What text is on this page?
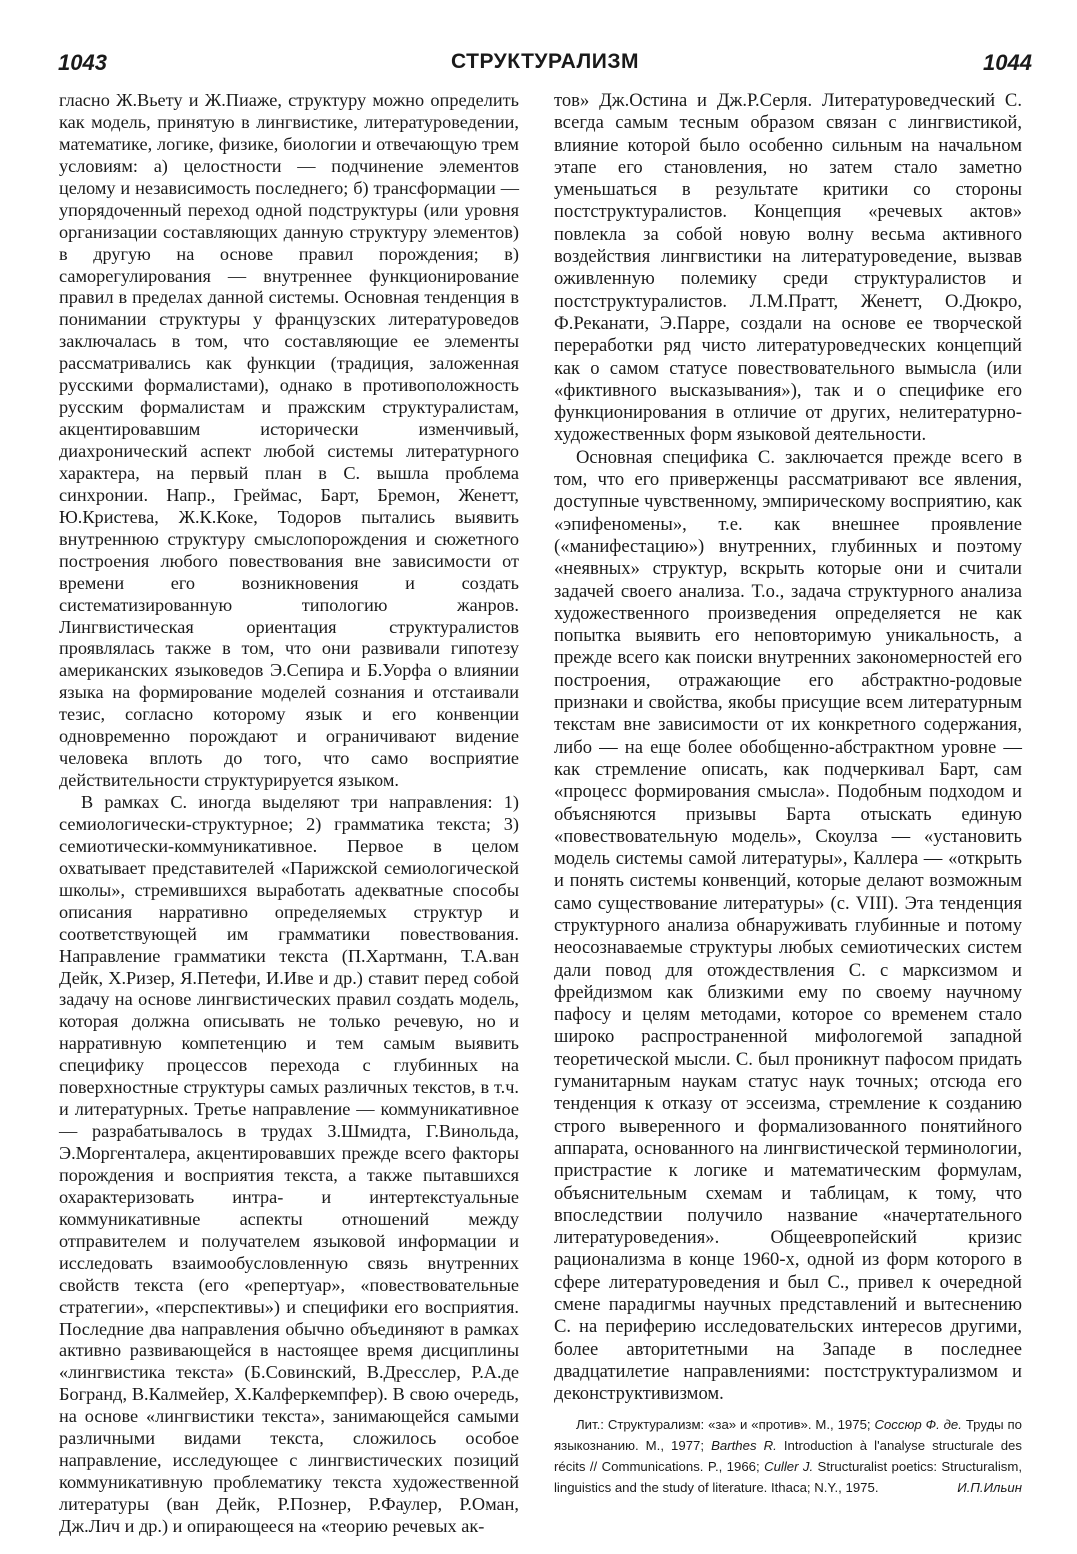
1043	СТРУКТУРАЛИЗМ	1044

гласно Ж.Вьету и Ж.Пиаже, структуру можно определить как модель, принятую в лингвистике, литературоведении, математике, логике, физике, биологии и отвечающую трем условиям: а) целостности — подчинение элементов целому и независимость последнего; б) трансформации — упорядоченный переход одной подструктуры (или уровня организации составляющих данную структуру элементов) в другую на основе правил порождения; в) саморегулирования — внутреннее функционирование правил в пределах данной системы. Основная тенденция в понимании структуры у французских литературоведов заключалась в том, что составляющие ее элементы рассматривались как функции (традиция, заложенная русскими формалистами), однако в противоположность русским формалистам и пражским структуралистам, акцентировавшим исторически изменчивый, диахронический аспект любой системы литературного характера, на первый план в С. вышла проблема синхронии. Напр., Греймас, Барт, Бремон, Женетт, Ю.Кристева, Ж.К.Коке, Тодоров пытались выявить внутреннюю структуру смыслопорождения и сюжетного построения любого повествования вне зависимости от времени его возникновения и создать систематизированную типологию жанров. Лингвистическая ориентация структуралистов проявлялась также в том, что они развивали гипотезу американских языковедов Э.Сепира и Б.Уорфа о влиянии языка на формирование моделей сознания и отстаивали тезис, согласно которому язык и его конвенции одновременно порождают и ограничивают видение человека вплоть до того, что само восприятие действительности структурируется языком.

В рамках С. иногда выделяют три направления: 1) семиологически-структурное; 2) грамматика текста; 3) семиотически-коммуникативное. Первое в целом охватывает представителей «Парижской семиологической школы», стремившихся выработать адекватные способы описания нарративно определяемых структур и соответствующей им грамматики повествования. Направление грамматики текста (П.Хартманн, Т.А.ван Дейк, Х.Ризер, Я.Петефи, И.Иве и др.) ставит перед собой задачу на основе лингвистических правил создать модель, которая должна описывать не только речевую, но и нарративную компетенцию и тем самым выявить специфику процессов перехода с глубинных на поверхностные структуры самых различных текстов, в т.ч. и литературных. Третье направление — коммуникативное — разрабатывалось в трудах З.Шмидта, Г.Винольда, Э.Моргенталера, акцентировавших прежде всего факторы порождения и восприятия текста, а также пытавшихся охарактеризовать интра- и интертекстуальные коммуникативные аспекты отношений между отправителем и получателем языковой информации и исследовать взаимообусловленную связь внутренних свойств текста (его «репертуар», «повествовательные стратегии», «перспективы») и специфики его восприятия. Последние два направления обычно объединяют в рамках активно развивающейся в настоящее время дисциплины «лингвистика текста» (Б.Совинский, В.Дресслер, Р.А.де Богранд, В.Калмейер, Х.Калферкемпфер). В свою очередь, на основе «лингвистики текста», занимающейся самыми различными видами текста, сложилось особое направление, исследующее с лингвистических позиций коммуникативную проблематику текста художественной литературы (ван Дейк, Р.Познер, Р.Фаулер, Р.Оман, Дж.Лич и др.) и опирающееся на «теорию речевых ак-

тов» Дж.Остина и Дж.Р.Серля. Литературоведческий С. всегда самым тесным образом связан с лингвистикой, влияние которой было особенно сильным на начальном этапе его становления, но затем стало заметно уменьшаться в результате критики со стороны постструктуралистов. Концепция «речевых актов» повлекла за собой новую волну весьма активного воздействия лингвистики на литературоведение, вызвав оживленную полемику среди структуралистов и постструктуралистов. Л.М.Пратт, Женетт, О.Дюкро, Ф.Реканати, Э.Парре, создали на основе ее творческой переработки ряд чисто литературоведческих концепций как о самом статусе повествовательного вымысла (или «фиктивного высказывания»), так и о специфике его функционирования в отличие от других, нелитературно-художественных форм языковой деятельности.

Основная специфика С. заключается прежде всего в том, что его приверженцы рассматривают все явления, доступные чувственному, эмпирическому восприятию, как «эпифеномены», т.е. как внешнее проявление («манифестацию») внутренних, глубинных и поэтому «неявных» структур, вскрыть которые они и считали задачей своего анализа. Т.о., задача структурного анализа художественного произведения определяется не как попытка выявить его неповторимую уникальность, а прежде всего как поиски внутренних закономерностей его построения, отражающие его абстрактно-родовые признаки и свойства, якобы присущие всем литературным текстам вне зависимости от их конкретного содержания, либо — на еще более обобщенно-абстрактном уровне — как стремление описать, как подчеркивал Барт, сам «процесс формирования смысла». Подобным подходом и объясняются призывы Барта отыскать единую «повествовательную модель», Скоулза — «установить модель системы самой литературы», Каллера — «открыть и понять системы конвенций, которые делают возможным само существование литературы» (с. VIII). Эта тенденция структурного анализа обнаруживать глубинные и потому неосознаваемые структуры любых семиотических систем дали повод для отождествления С. с марксизмом и фрейдизмом как близкими ему по своему научному пафосу и целям методами, которое со временем стало широко распространенной мифологемой западной теоретической мысли. С. был проникнут пафосом придать гуманитарным наукам статус наук точных; отсюда его тенденция к отказу от эссеизма, стремление к созданию строго выверенного и формализованного понятийного аппарата, основанного на лингвистической терминологии, пристрастие к логике и математическим формулам, объяснительным схемам и таблицам, к тому, что впоследствии получило название «начертательного литературоведения». Общеевропейский кризис рационализма в конце 1960-х, одной из форм которого в сфере литературоведения и был С., привел к очередной смене парадигмы научных представлений и вытеснению С. на периферию исследовательских интересов другими, более авторитетными на Западе в последнее двадцатилетие направлениями: постструктурализмом и деконструктивизмом.

Лит.: Структурализм: «за» и «против». М., 1975; Соссюр Ф. де. Труды по языкознанию. М., 1977; Barthes R. Introduction à l'analyse structurale des récits // Communications. P., 1966; Culler J. Structuralist poetics: Structuralism, linguistics and the study of literature. Ithaca; N.Y., 1975.	И.П.Ильин
